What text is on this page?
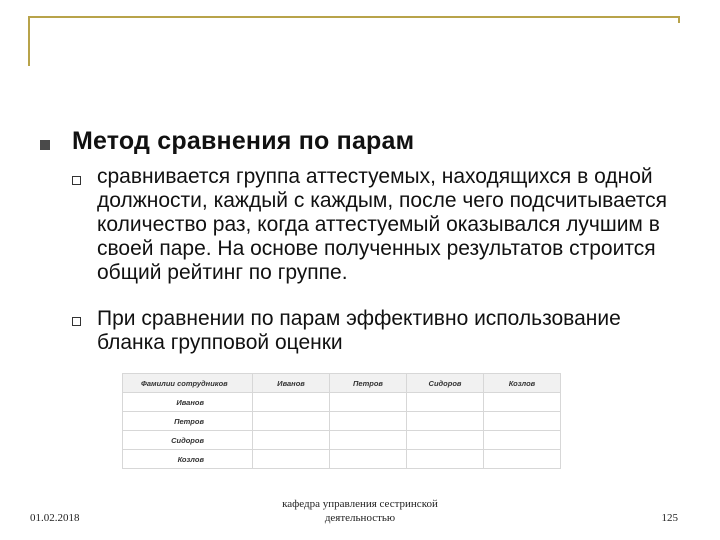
Метод сравнения по парам
сравнивается группа аттестуемых, находящихся в одной должности, каждый с каждым, после чего подсчитывается количество раз, когда аттестуемый оказывался лучшим в своей паре. На основе полученных результатов строится общий рейтинг по группе.
При сравнении по парам эффективно использование бланка групповой оценки
Фамилии сотрудников	Иванов	Петров	Сидоров	Козлов
Иванов				
Петров				
Сидоров				
Козлов				
01.02.2018
кафедра управления сестринской деятельностью	125
